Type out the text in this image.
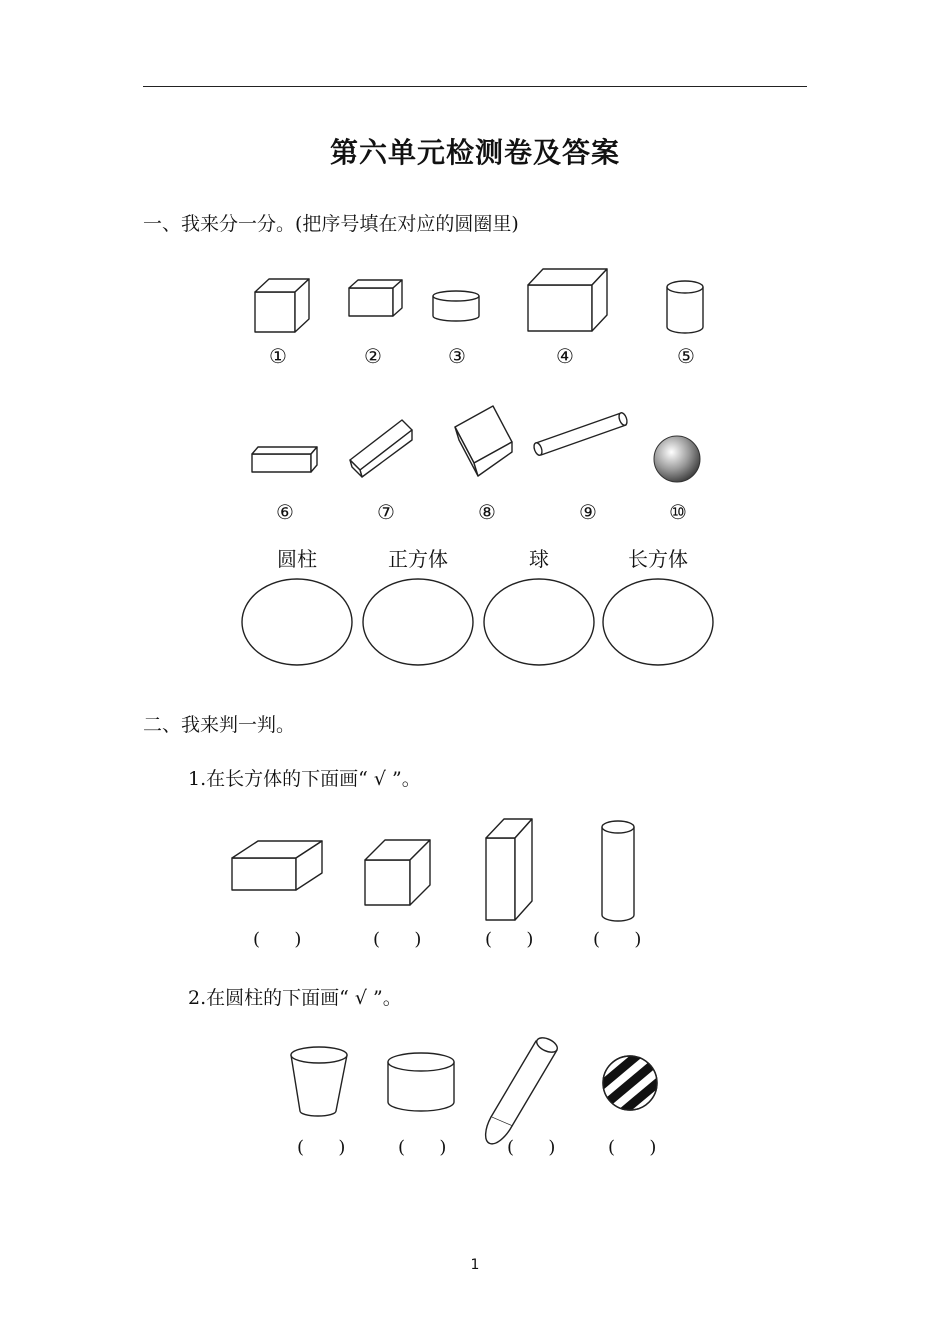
第六单元检测卷及答案
一、我来分一分。(把序号填在对应的圆圈里)
①	②	③	④	⑤
⑥	⑦	⑧	⑨	⑩
圆柱	正方体	球	长方体
二、我来判一判。
1.在长方体的下面画“ √ ”。
(      )	(      )	(      )	(      )
2.在圆柱的下面画“ √ ”。
(      )	(      )	(      )	(      )
1
